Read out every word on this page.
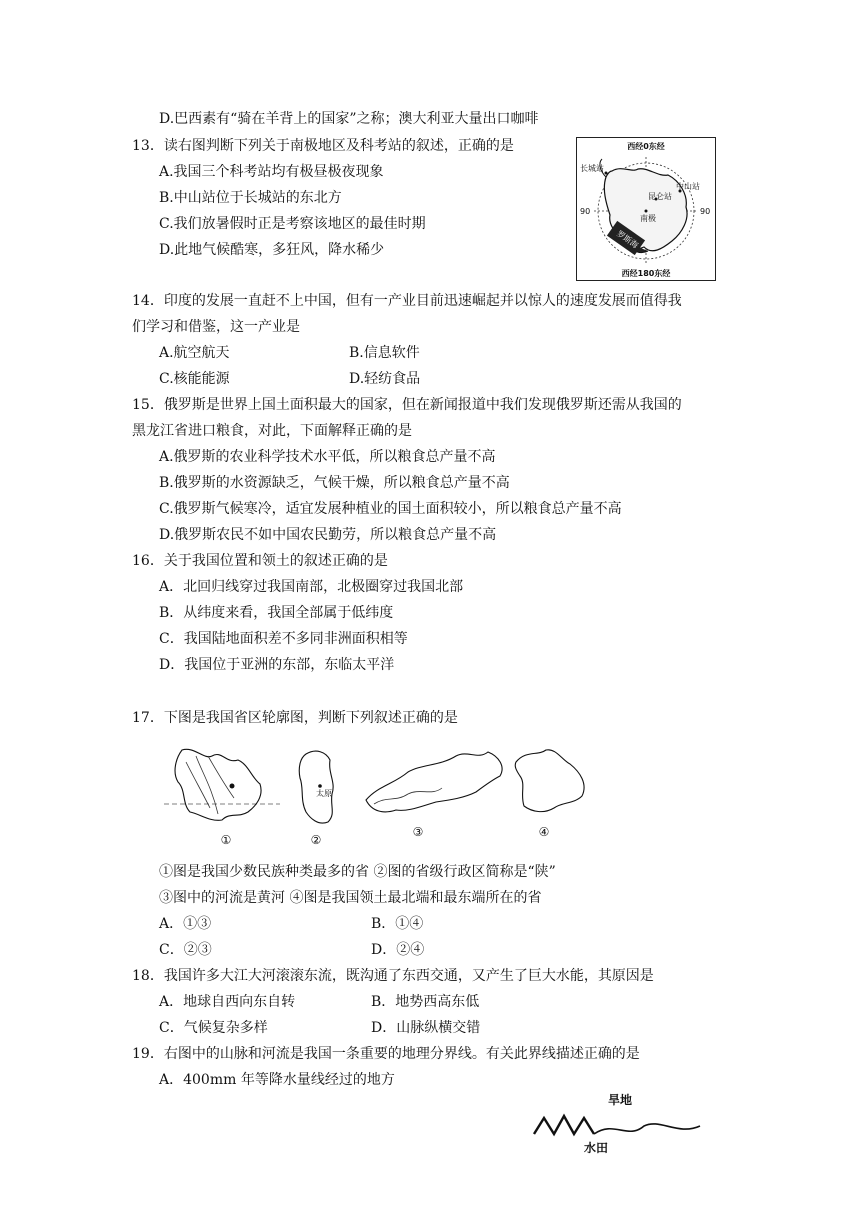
D.巴西素有“骑在羊背上的国家”之称；澳大利亚大量出口咖啡
13．读右图判断下列关于南极地区及科考站的叙述，正确的是
A.我国三个科考站均有极昼极夜现象
B.中山站位于长城站的东北方
C.我们放暑假时正是考察该地区的最佳时期
D.此地气候酷寒，多狂风，降水稀少
西经0东经
西经180东经
90	90
长城站
中山站
昆仑站
南极
罗斯海
14．印度的发展一直赶不上中国，但有一产业目前迅速崛起并以惊人的速度发展而值得我
们学习和借鉴，这一产业是
A.航空航天	B.信息软件
C.核能能源	D.轻纺食品
15．俄罗斯是世界上国土面积最大的国家，但在新闻报道中我们发现俄罗斯还需从我国的
黑龙江省进口粮食，对此，下面解释正确的是
A.俄罗斯的农业科学技术水平低，所以粮食总产量不高
B.俄罗斯的水资源缺乏，气候干燥，所以粮食总产量不高
C.俄罗斯气候寒冷，适宜发展种植业的国土面积较小，所以粮食总产量不高
D.俄罗斯农民不如中国农民勤劳，所以粮食总产量不高
16．关于我国位置和领土的叙述正确的是
A．北回归线穿过我国南部，北极圈穿过我国北部
B．从纬度来看，我国全部属于低纬度
C．我国陆地面积差不多同非洲面积相等
D．我国位于亚洲的东部，东临太平洋
17．下图是我国省区轮廓图，判断下列叙述正确的是
①
太原
②
③	④
①图是我国少数民族种类最多的省 ②图的省级行政区简称是“陕”
③图中的河流是黄河 ④图是我国领土最北端和最东端所在的省
A．①③	B．①④
C．②③	D．②④
18．我国许多大江大河滚滚东流，既沟通了东西交通，又产生了巨大水能，其原因是
A．地球自西向东自转	B．地势西高东低
C．气候复杂多样	D．山脉纵横交错
19．右图中的山脉和河流是我国一条重要的地理分界线。有关此界线描述正确的是
A．400mm 年等降水量线经过的地方
旱地
水田
